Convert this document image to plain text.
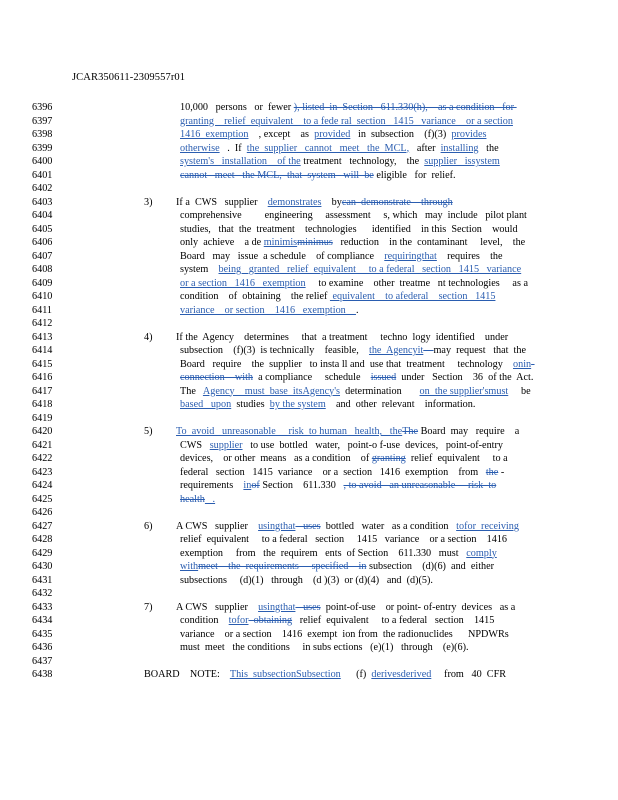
JCAR350611-2309557r01
6396	10,000   persons   or  fewer ), listed  in  Section   611.330(h),    as a condition   for
6397	granting    relief  equivalent    to a fede ral  section   1415   variance    or a section
6398	1416  exemption    , except    as  provided   in  subsection    (f)(3)  provides
6399	otherwise   .  If  the  supplier   cannot   meet   the  MCL,   after  installing   the
6400	system's   installation    of the treatment   technology,    the  supplier   issystem
6401	cannot   meet   the MCL,  that  system   will  be eligible   for  relief.
6402
6403	3) If a  CWS   supplier    demonstrates    bycan  demonstrate    through
6404	comprehensive         engineering     assessment     s, which   may  include   pilot plant
6405	studies,   that  the  treatment    technologies      identified    in this  Section    would
6406	only  achieve    a de minimisminimus   reduction    in the  contaminant     level,    the
6407	Board   may   issue  a schedule    of compliance    requiringthat    requires    the
6408	system    being   granted   relief  equivalent     to a federal   section   1415   variance
6409	or a section   1416   exemption     to examine    other  treatme   nt technologies     as a
6410	condition    of  obtaining    the relief  equivalent    to afederal    section   1415
6411	variance    or section    1416   exemption    .
6412
6413	4) If the  Agency    determines     that  a treatment     techno  logy  identified    under
6414	subsection    (f)(3)  is technically    feasible,    the  Agencyit—may  request   that  the
6415	Board   require    the  supplier   to insta ll and  use that  treatment     technology    onin-
6416	connection    with  a compliance     schedule    issued  under   Section    36  of the  Act.
6417	The   Agency    must  base  itsAgency's  determination       on  the supplier'smust     be
6418	based   upon  studies  by the system    and  other  relevant    information.
6419
6420	5) To  avoid   unreasonable     risk  to human   health,   theThe Board  may   require    a
6421	CWS   supplier   to use  bottled   water,   point-o f-use  devices,   point-of-entry
6422	devices,    or other  means   as a condition    of granting  relief  equivalent     to a
6423	federal   section   1415  variance    or a  section   1416  exemption    from   the -
6424	requirements    inof Section    611.330   , to avoid   an unreasonable     risk  to
6425	health   .
6426
6427	6) A CWS   supplier    usingthat   uses  bottled   water   as a condition   tofor  receiving
6428	relief  equivalent     to a federal   section     1415   variance    or a section    1416
6429	exemption     from   the  requirem   ents  of Section    611.330   must   comply
6430	withmeet    the  requirements     specified    in subsection    (d)(6)  and  either
6431	subsections     (d)(1)   through    (d )(3)  or (d)(4)   and  (d)(5).
6432
6433	7) A CWS   supplier    usingthat   uses  point-of-use    or point- of-entry  devices   as a
6434	condition    tofor  obtaining   relief  equivalent     to a federal   section    1415
6435	variance    or a section    1416  exempt  ion from  the radionuclides      NPDWRs
6436	must  meet   the conditions     in subs ections   (e)(1)   through    (e)(6).
6437
6438	BOARD    NOTE:    This  subsectionSubsection      (f)  derivesderived     from   40  CFR
